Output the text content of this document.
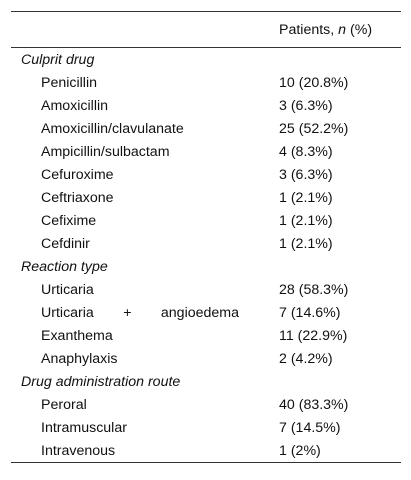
	Patients, n (%)
Culprit drug	
Penicillin	10 (20.8%)
Amoxicillin	3 (6.3%)
Amoxicillin/clavulanate	25 (52.2%)
Ampicillin/sulbactam	4 (8.3%)
Cefuroxime	3 (6.3%)
Ceftriaxone	1 (2.1%)
Cefixime	1 (2.1%)
Cefdinir	1 (2.1%)
Reaction type	
Urticaria	28 (58.3%)

Urticaria + angioedema	7 (14.6%)
Exanthema	11 (22.9%)
Anaphylaxis	2 (4.2%)
Drug administration route	
Peroral	40 (83.3%)
Intramuscular	7 (14.5%)
Intravenous	1 (2%)
